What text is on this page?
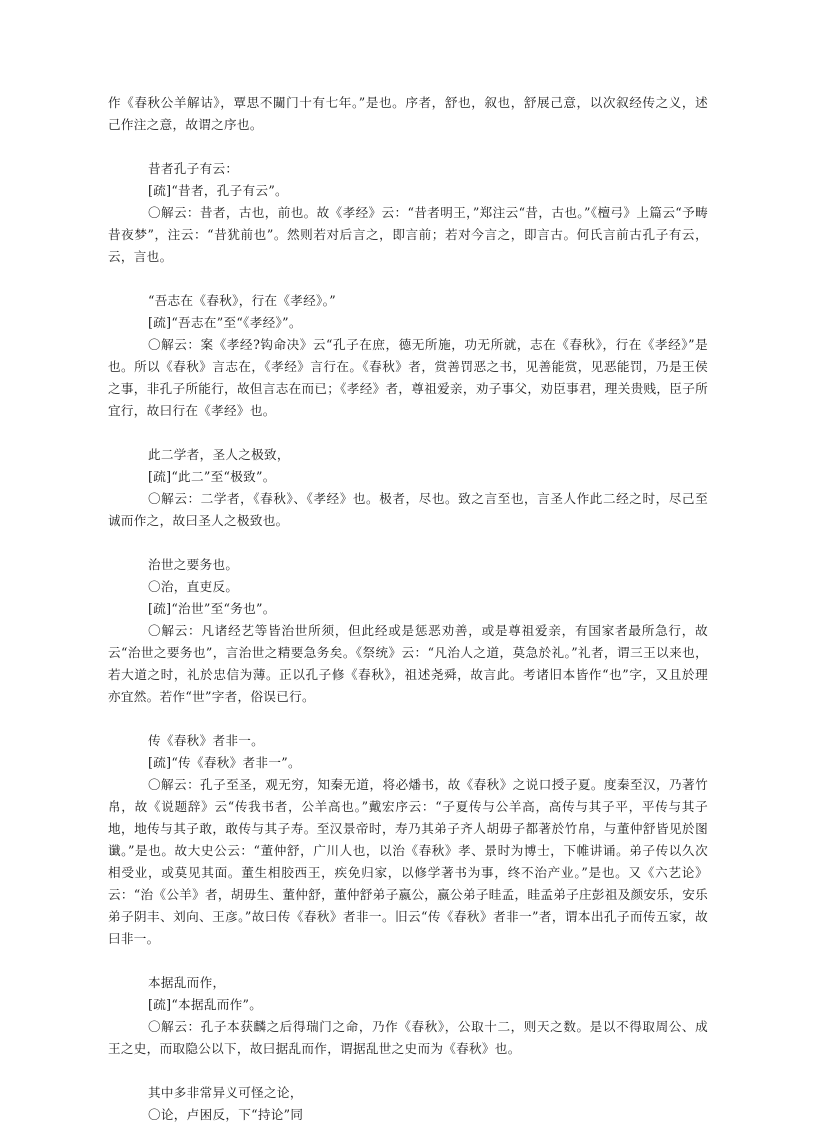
作《春秋公羊解诂》，覃思不闚门十有七年。”是也。序者，舒也，叙也，舒展己意，以次叙经传之义，述己作注之意，故谓之序也。

昔者孔子有云：

[疏]“昔者，孔子有云”。

〇解云：昔者，古也，前也。故《孝经》云：“昔者明王，”郑注云“昔，古也。”《檀弓》上篇云“予畴昔夜梦”，注云：“昔犹前也”。然则若对后言之，即言前；若对今言之，即言古。何氏言前古孔子有云，云，言也。

“吾志在《春秋》，行在《孝经》。”

[疏]“吾志在”至“《孝经》”。

〇解云：案《孝经?钩命决》云“孔子在庶，德无所施，功无所就，志在《春秋》，行在《孝经》”是也。所以《春秋》言志在，《孝经》言行在。《春秋》者，赏善罚恶之书，见善能赏，见恶能罚，乃是王侯之事，非孔子所能行，故但言志在而已；《孝经》者，尊祖爱亲，劝子事父，劝臣事君，理关贵贱，臣子所宜行，故曰行在《孝经》也。

此二学者，圣人之极致，

[疏]“此二”至“极致”。

〇解云：二学者，《春秋》、《孝经》也。极者，尽也。致之言至也，言圣人作此二经之时，尽己至诚而作之，故曰圣人之极致也。

治世之要务也。

〇治，直吏反。

[疏]“治世”至“务也”。

〇解云：凡诸经艺等皆治世所须，但此经或是惩恶劝善，或是尊祖爱亲，有国家者最所急行，故云“治世之要务也”，言治世之精要急务矣。《祭统》云：“凡治人之道，莫急於礼。”礼者，谓三王以来也，若大道之时，礼於忠信为薄。正以孔子修《春秋》，祖述尧舜，故言此。考诸旧本皆作“也”字，又且於理亦宜然。若作“世”字者，俗误已行。

传《春秋》者非一。

[疏]“传《春秋》者非一”。

〇解云：孔子至圣，观无穷，知秦无道，将必燔书，故《春秋》之说口授子夏。度秦至汉，乃著竹帛，故《说题辞》云“传我书者，公羊高也。”戴宏序云：“子夏传与公羊高，高传与其子平，平传与其子地，地传与其子敢，敢传与其子寿。至汉景帝时，寿乃其弟子齐人胡毋子都著於竹帛，与董仲舒皆见於图谶。”是也。故大史公云：“董仲舒，广川人也，以治《春秋》孝、景时为博士，下帷讲诵。弟子传以久次相受业，或莫见其面。董生相胶西王，疾免归家，以修学著书为事，终不治产业。”是也。又《六艺论》云：“治《公羊》者，胡毋生、董仲舒，董仲舒弟子嬴公，嬴公弟子眭孟，眭孟弟子庄彭祖及颜安乐，安乐弟子阴丰、刘向、王彦。”故曰传《春秋》者非一。旧云“传《春秋》者非一”者，谓本出孔子而传五家，故曰非一。

本据乱而作，

[疏]“本据乱而作”。

〇解云：孔子本获麟之后得瑞门之命，乃作《春秋》，公取十二，则天之数。是以不得取周公、成王之史，而取隐公以下，故曰据乱而作，谓据乱世之史而为《春秋》也。

其中多非常异义可怪之论，

〇论，卢困反，下“持论”同
